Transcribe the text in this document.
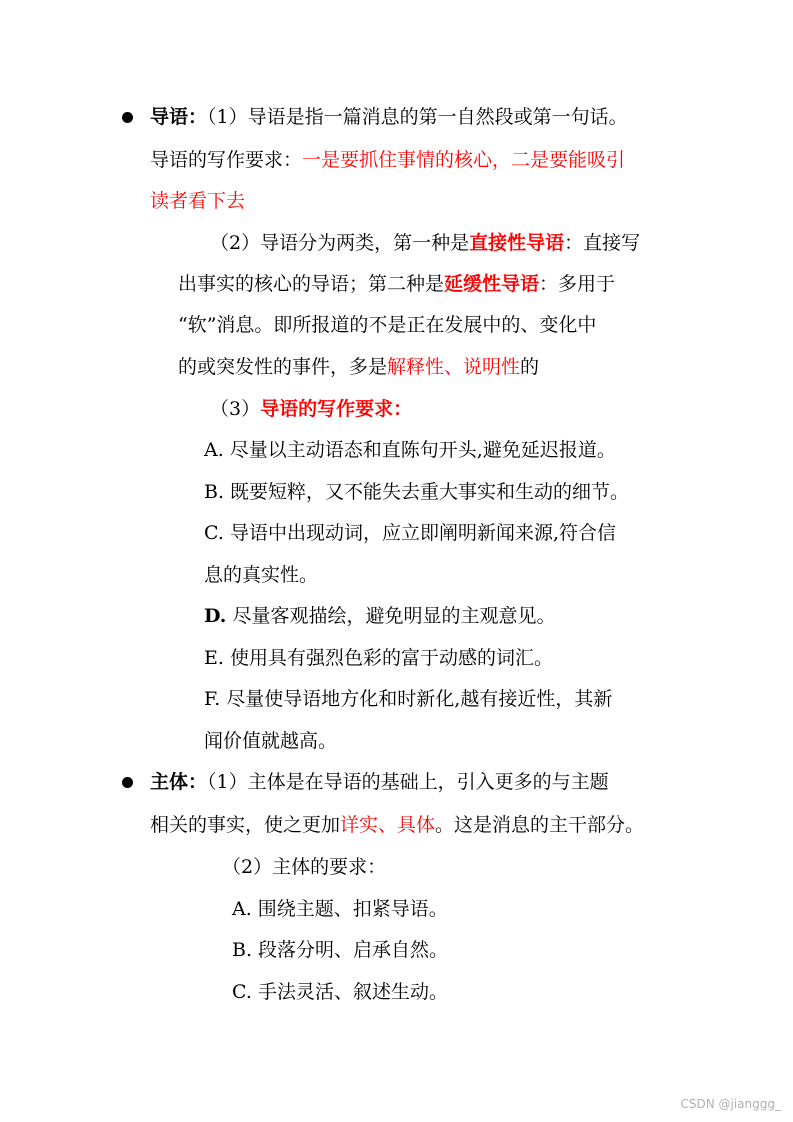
导语：（1）导语是指一篇消息的第一自然段或第一句话。
导语的写作要求：一是要抓住事情的核心，二是要能吸引
读者看下去
（2）导语分为两类，第一种是直接性导语：直接写
出事实的核心的导语；第二种是延缓性导语：多用于
“软”消息。即所报道的不是正在发展中的、变化中
的或突发性的事件，多是解释性、说明性的
（3）导语的写作要求：
A. 尽量以主动语态和直陈句开头,避免延迟报道。
B. 既要短粹，又不能失去重大事实和生动的细节。
C. 导语中出现动词，应立即阐明新闻来源,符合信
息的真实性。
D. 尽量客观描绘，避免明显的主观意见。
E. 使用具有强烈色彩的富于动感的词汇。
F. 尽量使导语地方化和时新化,越有接近性，其新
闻价值就越高。
主体：（1）主体是在导语的基础上，引入更多的与主题
相关的事实，使之更加详实、具体。这是消息的主干部分。
（2）主体的要求：
A. 围绕主题、扣紧导语。
B. 段落分明、启承自然。
C. 手法灵活、叙述生动。
CSDN @jianggg_
